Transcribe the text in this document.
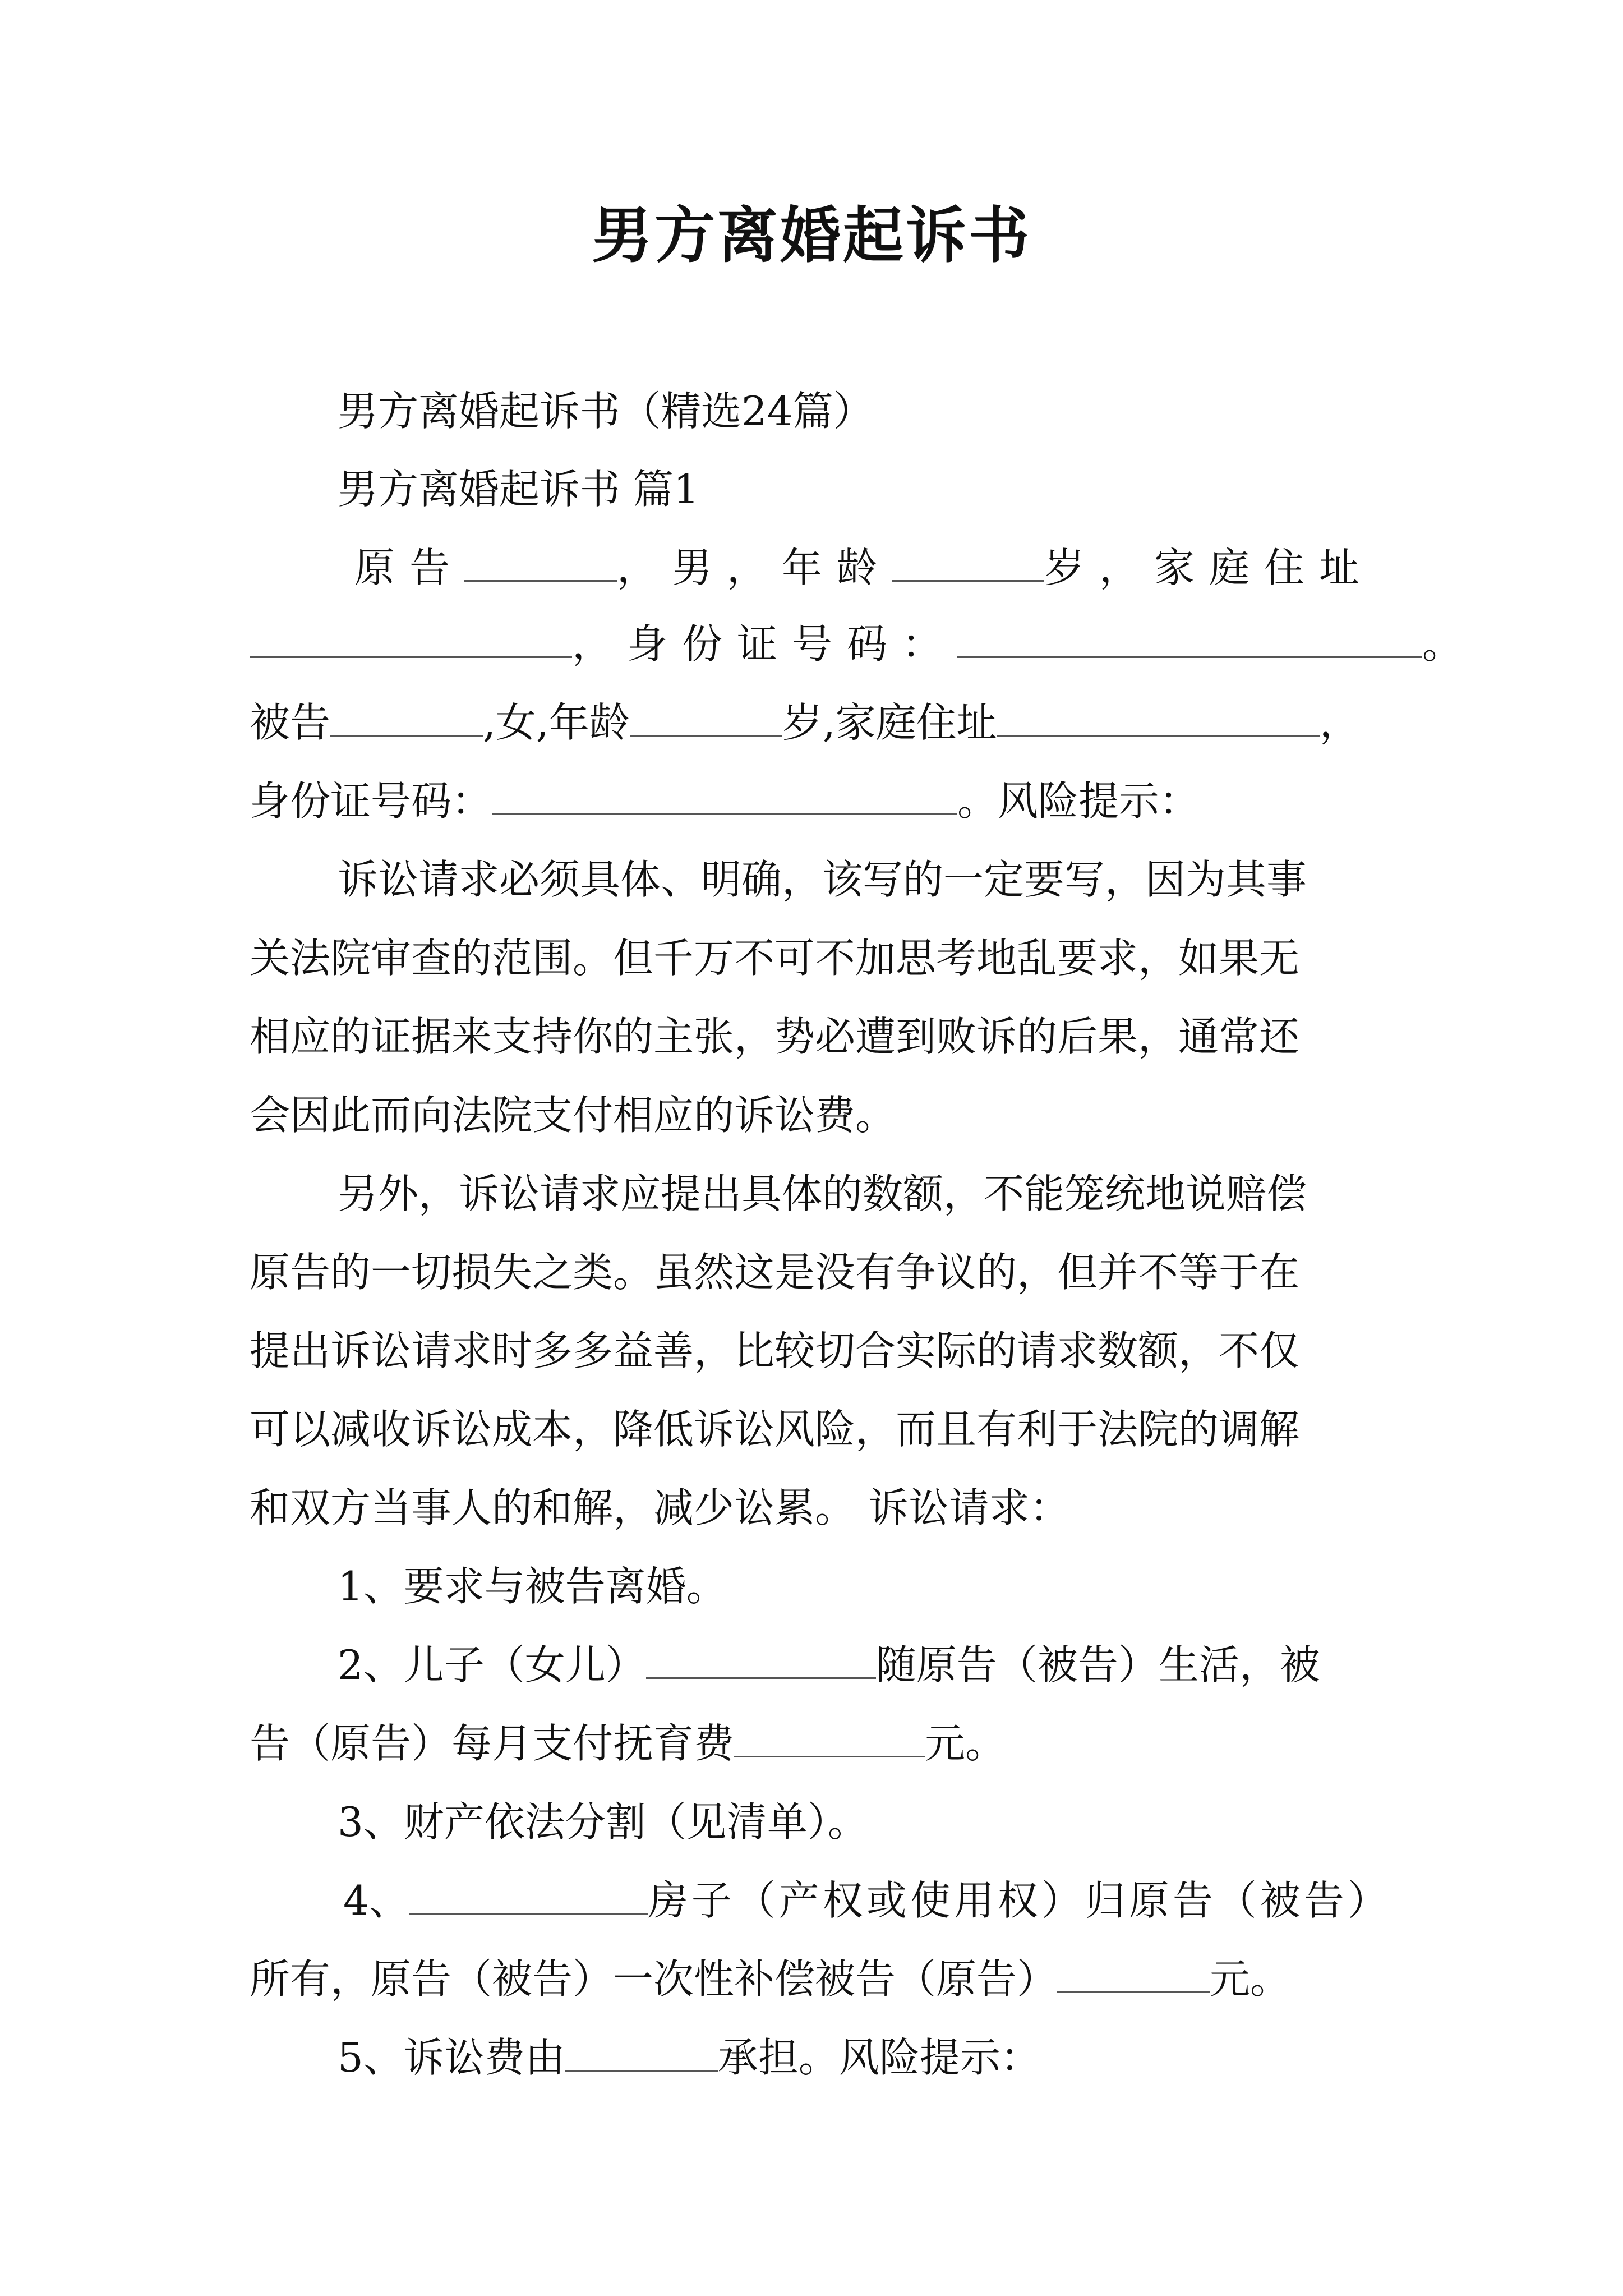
男方离婚起诉书
男方离婚起诉书（精选24篇）
男方离婚起诉书 篇1
原告	，男，年龄	岁，家庭住址
，身份证号码：	。
被告	,女,年龄	岁,家庭住址	，
身份证号码：	。风险提示：
诉讼请求必须具体、明确，该写的一定要写，因为其事
关法院审查的范围。但千万不可不加思考地乱要求，如果无
相应的证据来支持你的主张，势必遭到败诉的后果，通常还
会因此而向法院支付相应的诉讼费。
另外，诉讼请求应提出具体的数额，不能笼统地说赔偿
原告的一切损失之类。虽然这是没有争议的，但并不等于在
提出诉讼请求时多多益善，比较切合实际的请求数额，不仅
可以减收诉讼成本，降低诉讼风险，而且有利于法院的调解
和双方当事人的和解，减少讼累。 诉讼请求：
1、要求与被告离婚。
2、儿子（女儿）	随原告（被告）生活，被
告（原告）每月支付抚育费	元。
3、财产依法分割（见清单）。
4、	房子（产权或使用权）归原告（被告）
所有，原告（被告）一次性补偿被告（原告）	元。
5、诉讼费由	承担。风险提示：
